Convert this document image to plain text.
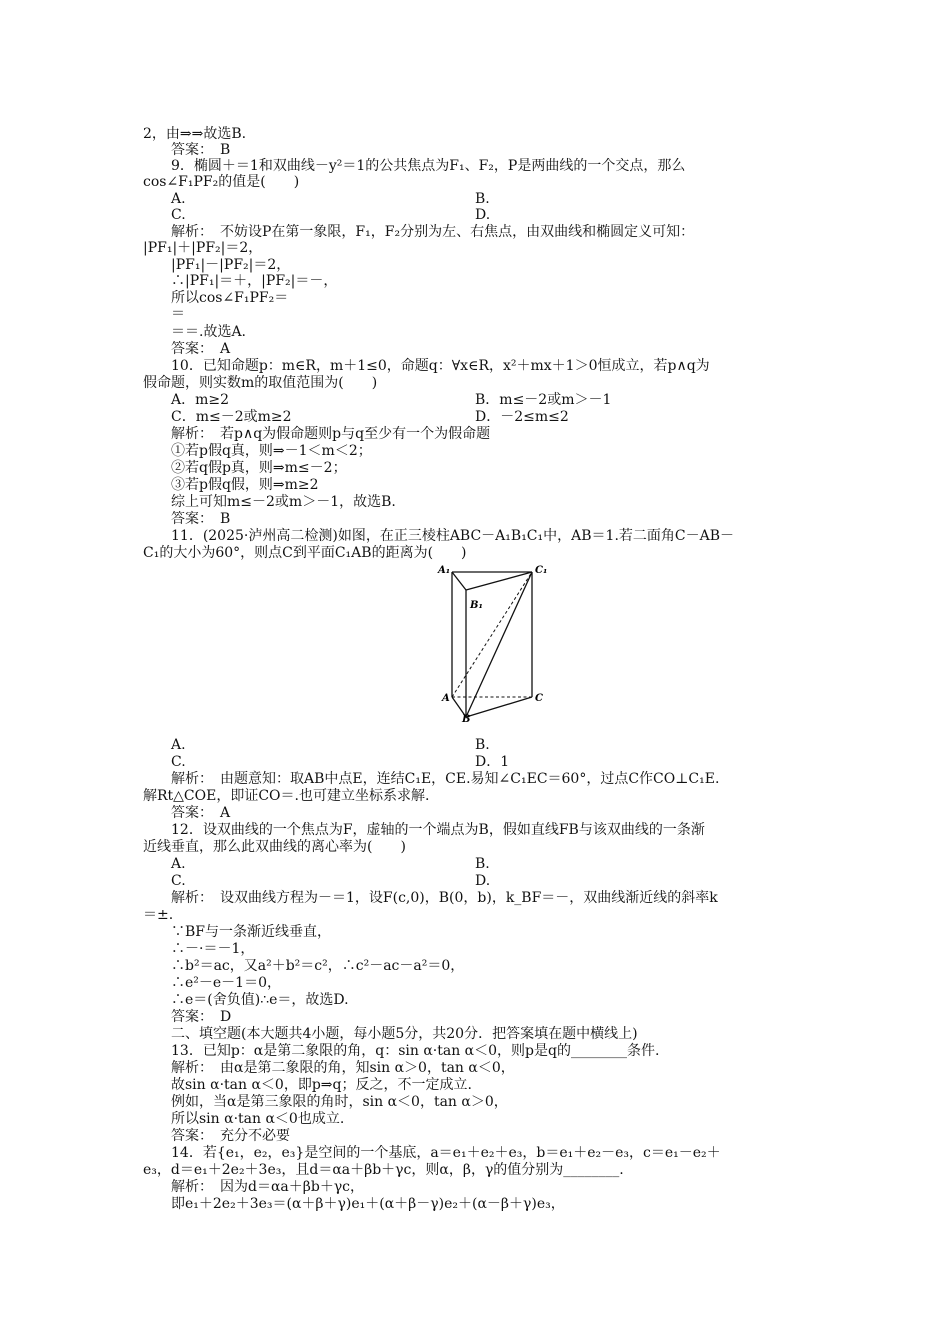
2，由⇒⇒故选B.
　　答案：　B
　　9．椭圆＋＝1和双曲线－y²＝1的公共焦点为F₁、F₂，P是两曲线的一个交点，那么
cos∠F₁PF₂的值是(　　)
　　A.	B.
　　C.	D.
　　解析：　不妨设P在第一象限，F₁，F₂分别为左、右焦点，由双曲线和椭圆定义可知：
|PF₁|＋|PF₂|＝2，
　　|PF₁|－|PF₂|＝2，
　　∴|PF₁|＝＋，|PF₂|＝－，
　　所以cos∠F₁PF₂＝
　　＝
　　＝＝.故选A.
　　答案：　A
　　10．已知命题p：m∈R，m＋1≤0，命题q：∀x∈R，x²＋mx＋1＞0恒成立，若p∧q为
假命题，则实数m的取值范围为(　　)
　　A．m≥2	B．m≤－2或m＞－1
　　C．m≤－2或m≥2	D．－2≤m≤2
　　解析：　若p∧q为假命题则p与q至少有一个为假命题
　　①若p假q真，则⇒－1＜m＜2；
　　②若q假p真，则⇒m≤－2；
　　③若p假q假，则⇒m≥2
　　综上可知m≤－2或m＞－1，故选B.
　　答案：　B
　　11．(2025·泸州高二检测)如图，在正三棱柱ABC－A₁B₁C₁中，AB＝1.若二面角C－AB－
C₁的大小为60°，则点C到平面C₁AB的距离为(　　)
A₁	C₁
B₁
A	C
B
　　A.	B.
　　C.	D．1
　　解析：　由题意知：取AB中点E，连结C₁E，CE.易知∠C₁EC＝60°，过点C作CO⊥C₁E.
解Rt△COE，即证CO＝.也可建立坐标系求解.
　　答案：　A
　　12．设双曲线的一个焦点为F，虚轴的一个端点为B，假如直线FB与该双曲线的一条渐
近线垂直，那么此双曲线的离心率为(　　)
　　A.	B.
　　C.	D.
　　解析：　设双曲线方程为－＝1，设F(c,0)，B(0，b)，k_BF＝－，双曲线渐近线的斜率k
＝±.
　　∵BF与一条渐近线垂直，
　　∴－·＝－1，
　　∴b²＝ac，又a²＋b²＝c²，∴c²－ac－a²＝0，
　　∴e²－e－1＝0，
　　∴e＝(舍负值)∴e＝，故选D.
　　答案：　D
　　二、填空题(本大题共4小题，每小题5分，共20分．把答案填在题中横线上)
　　13．已知p：α是第二象限的角，q：sin α·tan α＜0，则p是q的________条件.
　　解析：　由α是第二象限的角，知sin α＞0，tan α＜0，
　　故sin α·tan α＜0，即p⇒q；反之，不一定成立.
　　例如，当α是第三象限的角时，sin α＜0，tan α＞0，
　　所以sin α·tan α＜0也成立.
　　答案：　充分不必要
　　14．若{e₁，e₂，e₃}是空间的一个基底，a＝e₁＋e₂＋e₃，b＝e₁＋e₂－e₃，c＝e₁－e₂＋
e₃，d＝e₁＋2e₂＋3e₃，且d＝αa＋βb＋γc，则α，β，γ的值分别为________.
　　解析：　因为d＝αa＋βb＋γc，
　　即e₁＋2e₂＋3e₃＝(α＋β＋γ)e₁＋(α＋β－γ)e₂＋(α－β＋γ)e₃，
